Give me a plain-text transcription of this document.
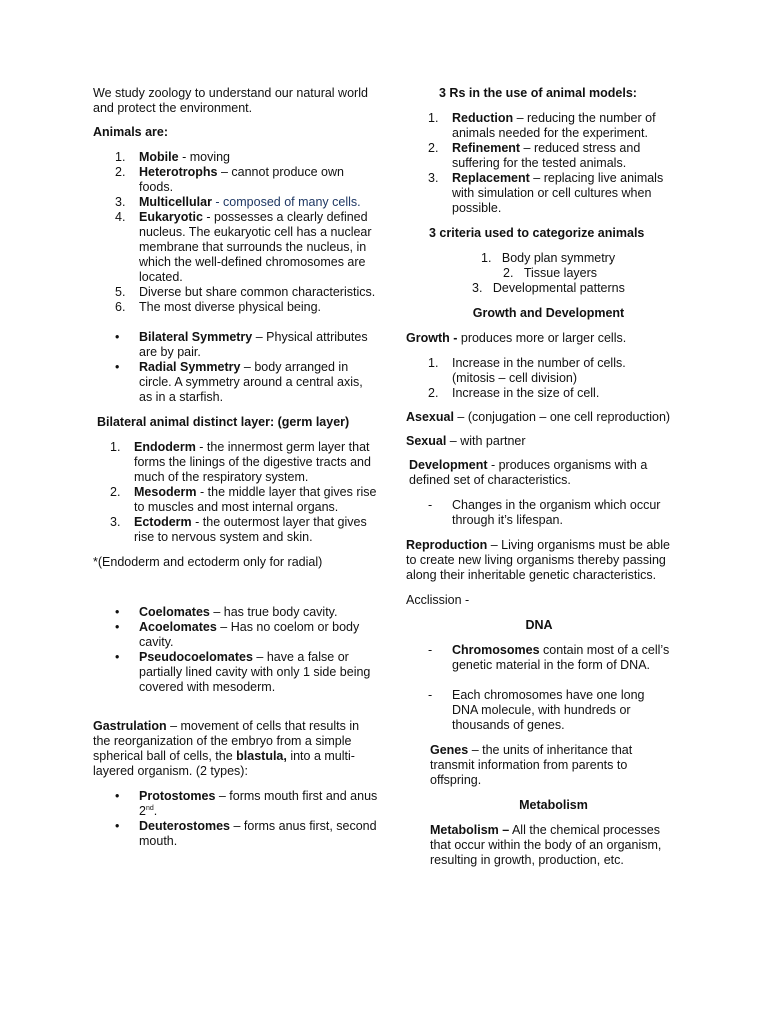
We study zoology to understand our natural world and protect the environment.

Animals are:

1.	Mobile - moving
2.	Heterotrophs – cannot produce own foods.
3.	Multicellular - composed of many cells.
4.	Eukaryotic - possesses a clearly defined nucleus. The eukaryotic cell has a nuclear membrane that surrounds the nucleus, in which the well-defined chromosomes are located.
5.	Diverse but share common characteristics.
6.	The most diverse physical being.
• Bilateral Symmetry – Physical attributes are by pair.
• Radial Symmetry – body arranged in circle. A symmetry around a central axis, as in a starfish.

Bilateral animal distinct layer: (germ layer)

1.	Endoderm - the innermost germ layer that forms the linings of the digestive tracts and much of the respiratory system.
2.	Mesoderm - the middle layer that gives rise to muscles and most internal organs.
3.	Ectoderm - the outermost layer that gives rise to nervous system and skin.

*(Endoderm and ectoderm only for radial)

• Coelomates – has true body cavity.
• Acoelomates – Has no coelom or body cavity.
• Pseudocoelomates – have a false or partially lined cavity with only 1 side being covered with mesoderm.

Gastrulation – movement of cells that results in the reorganization of the embryo from a simple spherical ball of cells, the blastula, into a multi-layered organism. (2 types):

• Protostomes – forms mouth first and anus 2nd.
• Deuterostomes – forms anus first, second mouth.

3 Rs in the use of animal models:

1.	Reduction – reducing the number of animals needed for the experiment.
2.	Refinement – reduced stress and suffering for the tested animals.
3.	Replacement – replacing live animals with simulation or cell cultures when possible.

3 criteria used to categorize animals

1. Body plan symmetry
2. Tissue layers
3. Developmental patterns

Growth and Development

Growth - produces more or larger cells.

1.	Increase in the number of cells. (mitosis – cell division)
2.	Increase in the size of cell.

Asexual – (conjugation – one cell reproduction)

Sexual – with partner

Development - produces organisms with a defined set of characteristics.

- Changes in the organism which occur through it’s lifespan.

Reproduction – Living organisms must be able to create new living organisms thereby passing along their inheritable genetic characteristics.

Acclission -

DNA

- Chromosomes contain most of a cell’s genetic material in the form of DNA.
- Each chromosomes have one long DNA molecule, with hundreds or thousands of genes.

Genes – the units of inheritance that transmit information from parents to offspring.

Metabolism

Metabolism – All the chemical processes that occur within the body of an organism, resulting in growth, production, etc.
